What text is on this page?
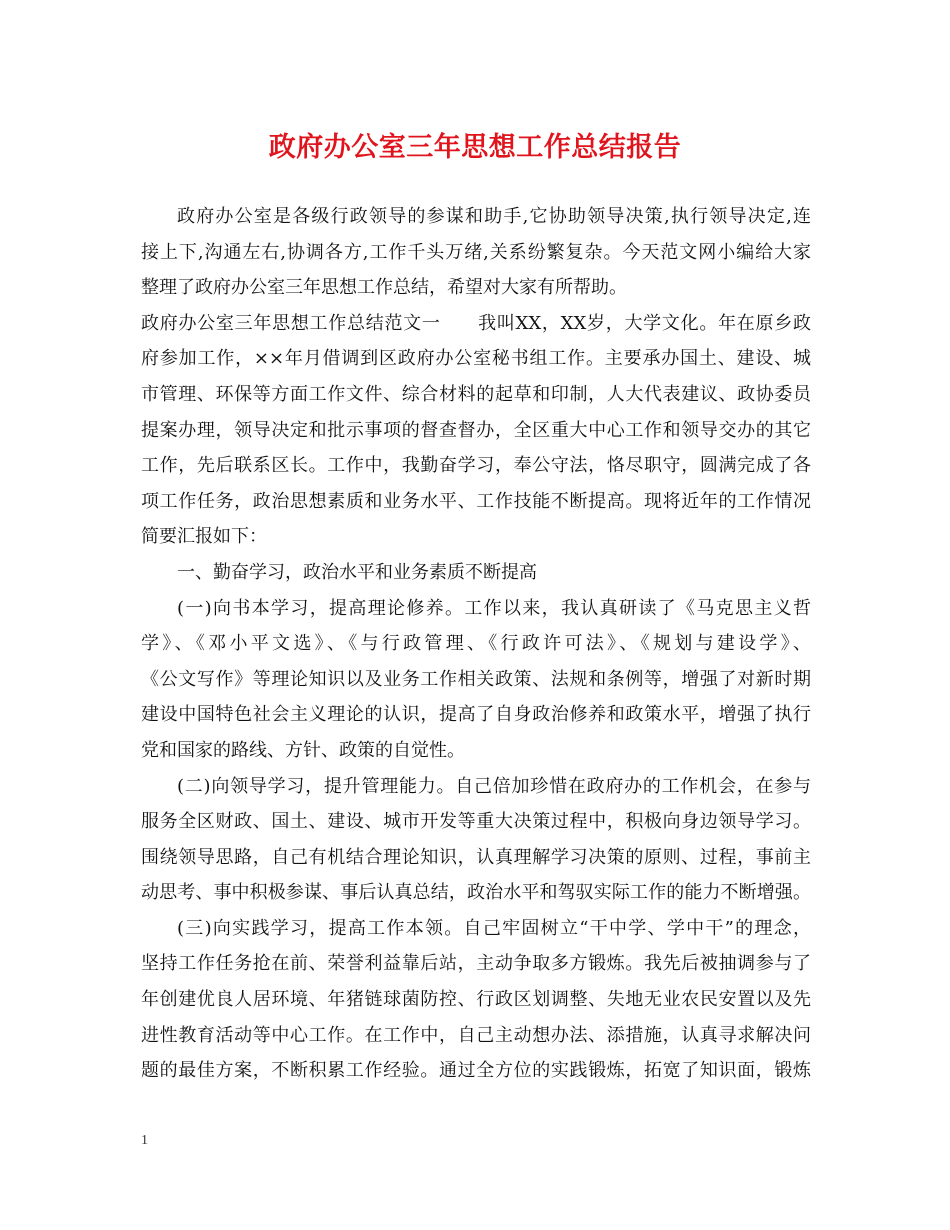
政府办公室三年思想工作总结报告
政府办公室是各级行政领导的参谋和助手,它协助领导决策,执行领导决定,连
接上下,沟通左右,协调各方,工作千头万绪,关系纷繁复杂。今天范文网小编给大家
整理了政府办公室三年思想工作总结，希望对大家有所帮助。
政府办公室三年思想工作总结范文一　　我叫XX，XX岁，大学文化。年在原乡政
府参加工作，××年月借调到区政府办公室秘书组工作。主要承办国土、建设、城
市管理、环保等方面工作文件、综合材料的起草和印制，人大代表建议、政协委员
提案办理，领导决定和批示事项的督查督办，全区重大中心工作和领导交办的其它
工作，先后联系区长。工作中，我勤奋学习，奉公守法，恪尽职守，圆满完成了各
项工作任务，政治思想素质和业务水平、工作技能不断提高。现将近年的工作情况
简要汇报如下：
一、勤奋学习，政治水平和业务素质不断提高
(一)向书本学习，提高理论修养。工作以来，我认真研读了《马克思主义哲
学》、《邓小平文选》、《与行政管理、《行政许可法》、《规划与建设学》、
《公文写作》等理论知识以及业务工作相关政策、法规和条例等，增强了对新时期
建设中国特色社会主义理论的认识，提高了自身政治修养和政策水平，增强了执行
党和国家的路线、方针、政策的自觉性。
(二)向领导学习，提升管理能力。自己倍加珍惜在政府办的工作机会，在参与
服务全区财政、国土、建设、城市开发等重大决策过程中，积极向身边领导学习。
围绕领导思路，自己有机结合理论知识，认真理解学习决策的原则、过程，事前主
动思考、事中积极参谋、事后认真总结，政治水平和驾驭实际工作的能力不断增强。
(三)向实践学习，提高工作本领。自己牢固树立“干中学、学中干”的理念，
坚持工作任务抢在前、荣誉利益靠后站，主动争取多方锻炼。我先后被抽调参与了
年创建优良人居环境、年猪链球菌防控、行政区划调整、失地无业农民安置以及先
进性教育活动等中心工作。在工作中，自己主动想办法、添措施，认真寻求解决问
题的最佳方案，不断积累工作经验。通过全方位的实践锻炼，拓宽了知识面，锻炼
1
